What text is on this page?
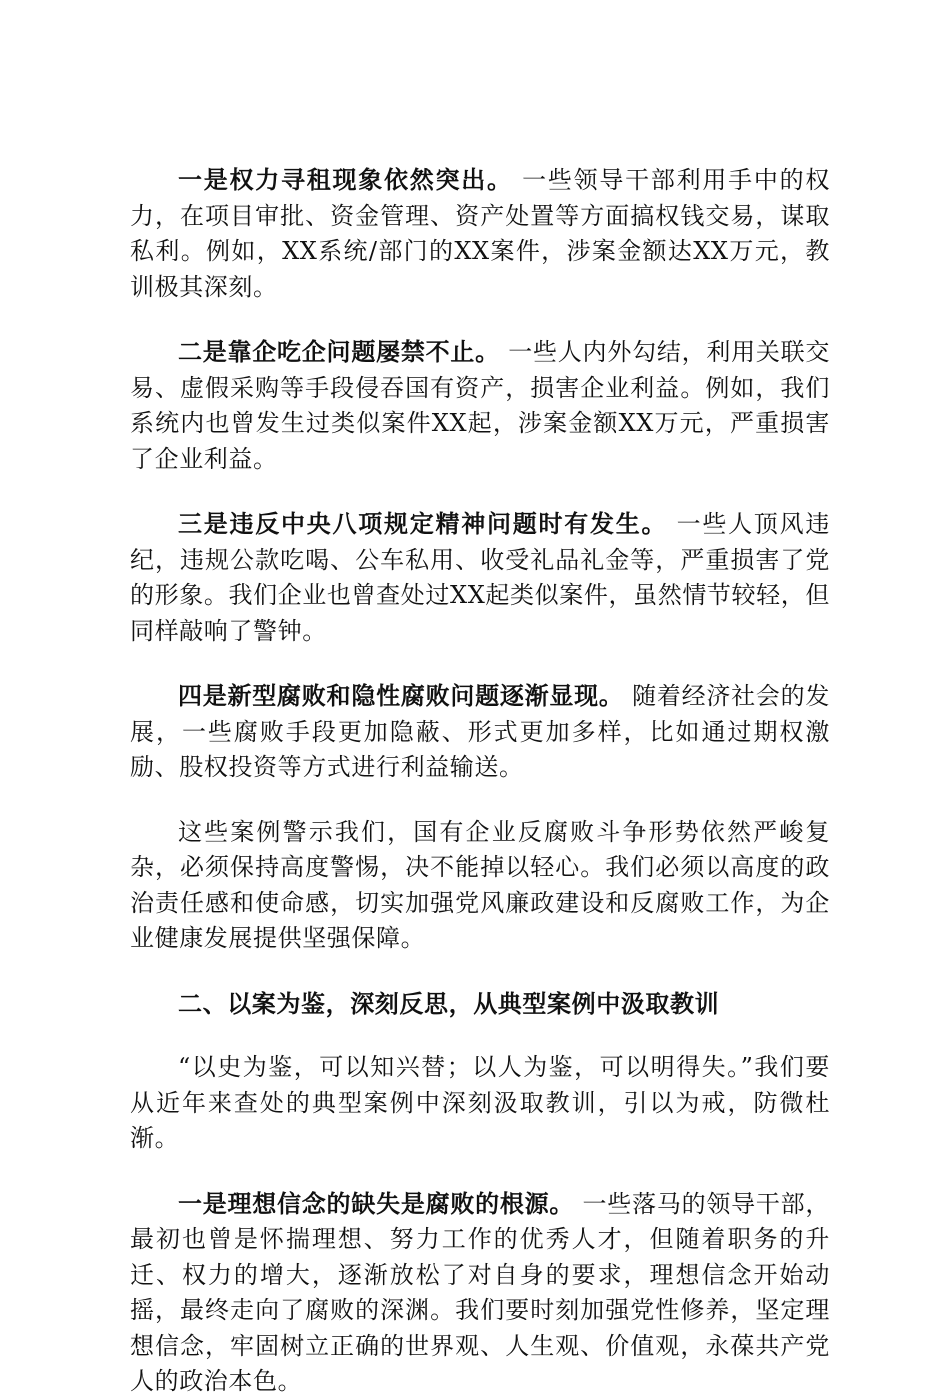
一是权力寻租现象依然突出。 一些领导干部利用手中的权力，在项目审批、资金管理、资产处置等方面搞权钱交易，谋取私利。例如，XX系统/部门的XX案件，涉案金额达XX万元，教训极其深刻。

二是靠企吃企问题屡禁不止。 一些人内外勾结，利用关联交易、虚假采购等手段侵吞国有资产，损害企业利益。例如，我们系统内也曾发生过类似案件XX起，涉案金额XX万元，严重损害了企业利益。

三是违反中央八项规定精神问题时有发生。 一些人顶风违纪，违规公款吃喝、公车私用、收受礼品礼金等，严重损害了党的形象。我们企业也曾查处过XX起类似案件，虽然情节较轻，但同样敲响了警钟。

四是新型腐败和隐性腐败问题逐渐显现。 随着经济社会的发展，一些腐败手段更加隐蔽、形式更加多样，比如通过期权激励、股权投资等方式进行利益输送。

这些案例警示我们，国有企业反腐败斗争形势依然严峻复杂，必须保持高度警惕，决不能掉以轻心。我们必须以高度的政治责任感和使命感，切实加强党风廉政建设和反腐败工作，为企业健康发展提供坚强保障。

二、以案为鉴，深刻反思，从典型案例中汲取教训

“以史为鉴，可以知兴替；以人为鉴，可以明得失。”我们要从近年来查处的典型案例中深刻汲取教训，引以为戒，防微杜渐。

一是理想信念的缺失是腐败的根源。 一些落马的领导干部，最初也曾是怀揣理想、努力工作的优秀人才，但随着职务的升迁、权力的增大，逐渐放松了对自身的要求，理想信念开始动摇，最终走向了腐败的深渊。我们要时刻加强党性修养，坚定理想信念，牢固树立正确的世界观、人生观、价值观，永葆共产党人的政治本色。
